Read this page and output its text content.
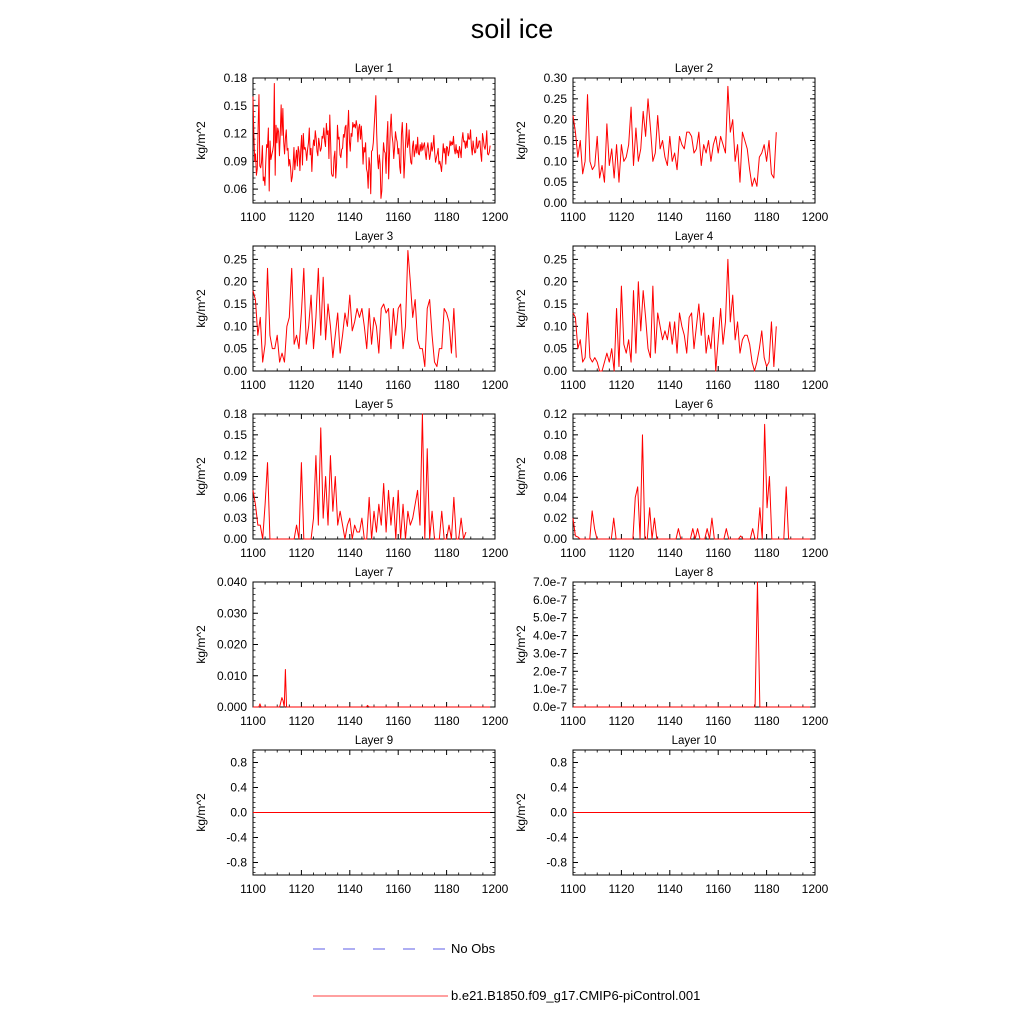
soil ice
Layer 1
kg/m^2
1100 1120 1140 1160 1180 1200
0.06
0.09
0.12
0.15
0.18
Layer 2
kg/m^2
1100 1120 1140 1160 1180 1200
0.00
0.05
0.10
0.15
0.20
0.25
0.30
Layer 3
kg/m^2
1100 1120 1140 1160 1180 1200
0.00
0.05
0.10
0.15
0.20
0.25
Layer 4
kg/m^2
1100 1120 1140 1160 1180 1200
0.00
0.05
0.10
0.15
0.20
0.25
Layer 5
kg/m^2
1100 1120 1140 1160 1180 1200
0.00
0.03
0.06
0.09
0.12
0.15
0.18
Layer 6
kg/m^2
1100 1120 1140 1160 1180 1200
0.00
0.02
0.04
0.06
0.08
0.10
0.12
Layer 7
kg/m^2
1100 1120 1140 1160 1180 1200
0.000
0.010
0.020
0.030
0.040
Layer 8
kg/m^2
1100 1120 1140 1160 1180 1200
0.0e-7
1.0e-7
2.0e-7
3.0e-7
4.0e-7
5.0e-7
6.0e-7
7.0e-7
Layer 9
kg/m^2
1100 1120 1140 1160 1180 1200
-0.8
-0.4
0.0
0.4
0.8
Layer 10
kg/m^2
1100 1120 1140 1160 1180 1200
-0.8
-0.4
0.0
0.4
0.8
No Obs
b.e21.B1850.f09_g17.CMIP6-piControl.001
